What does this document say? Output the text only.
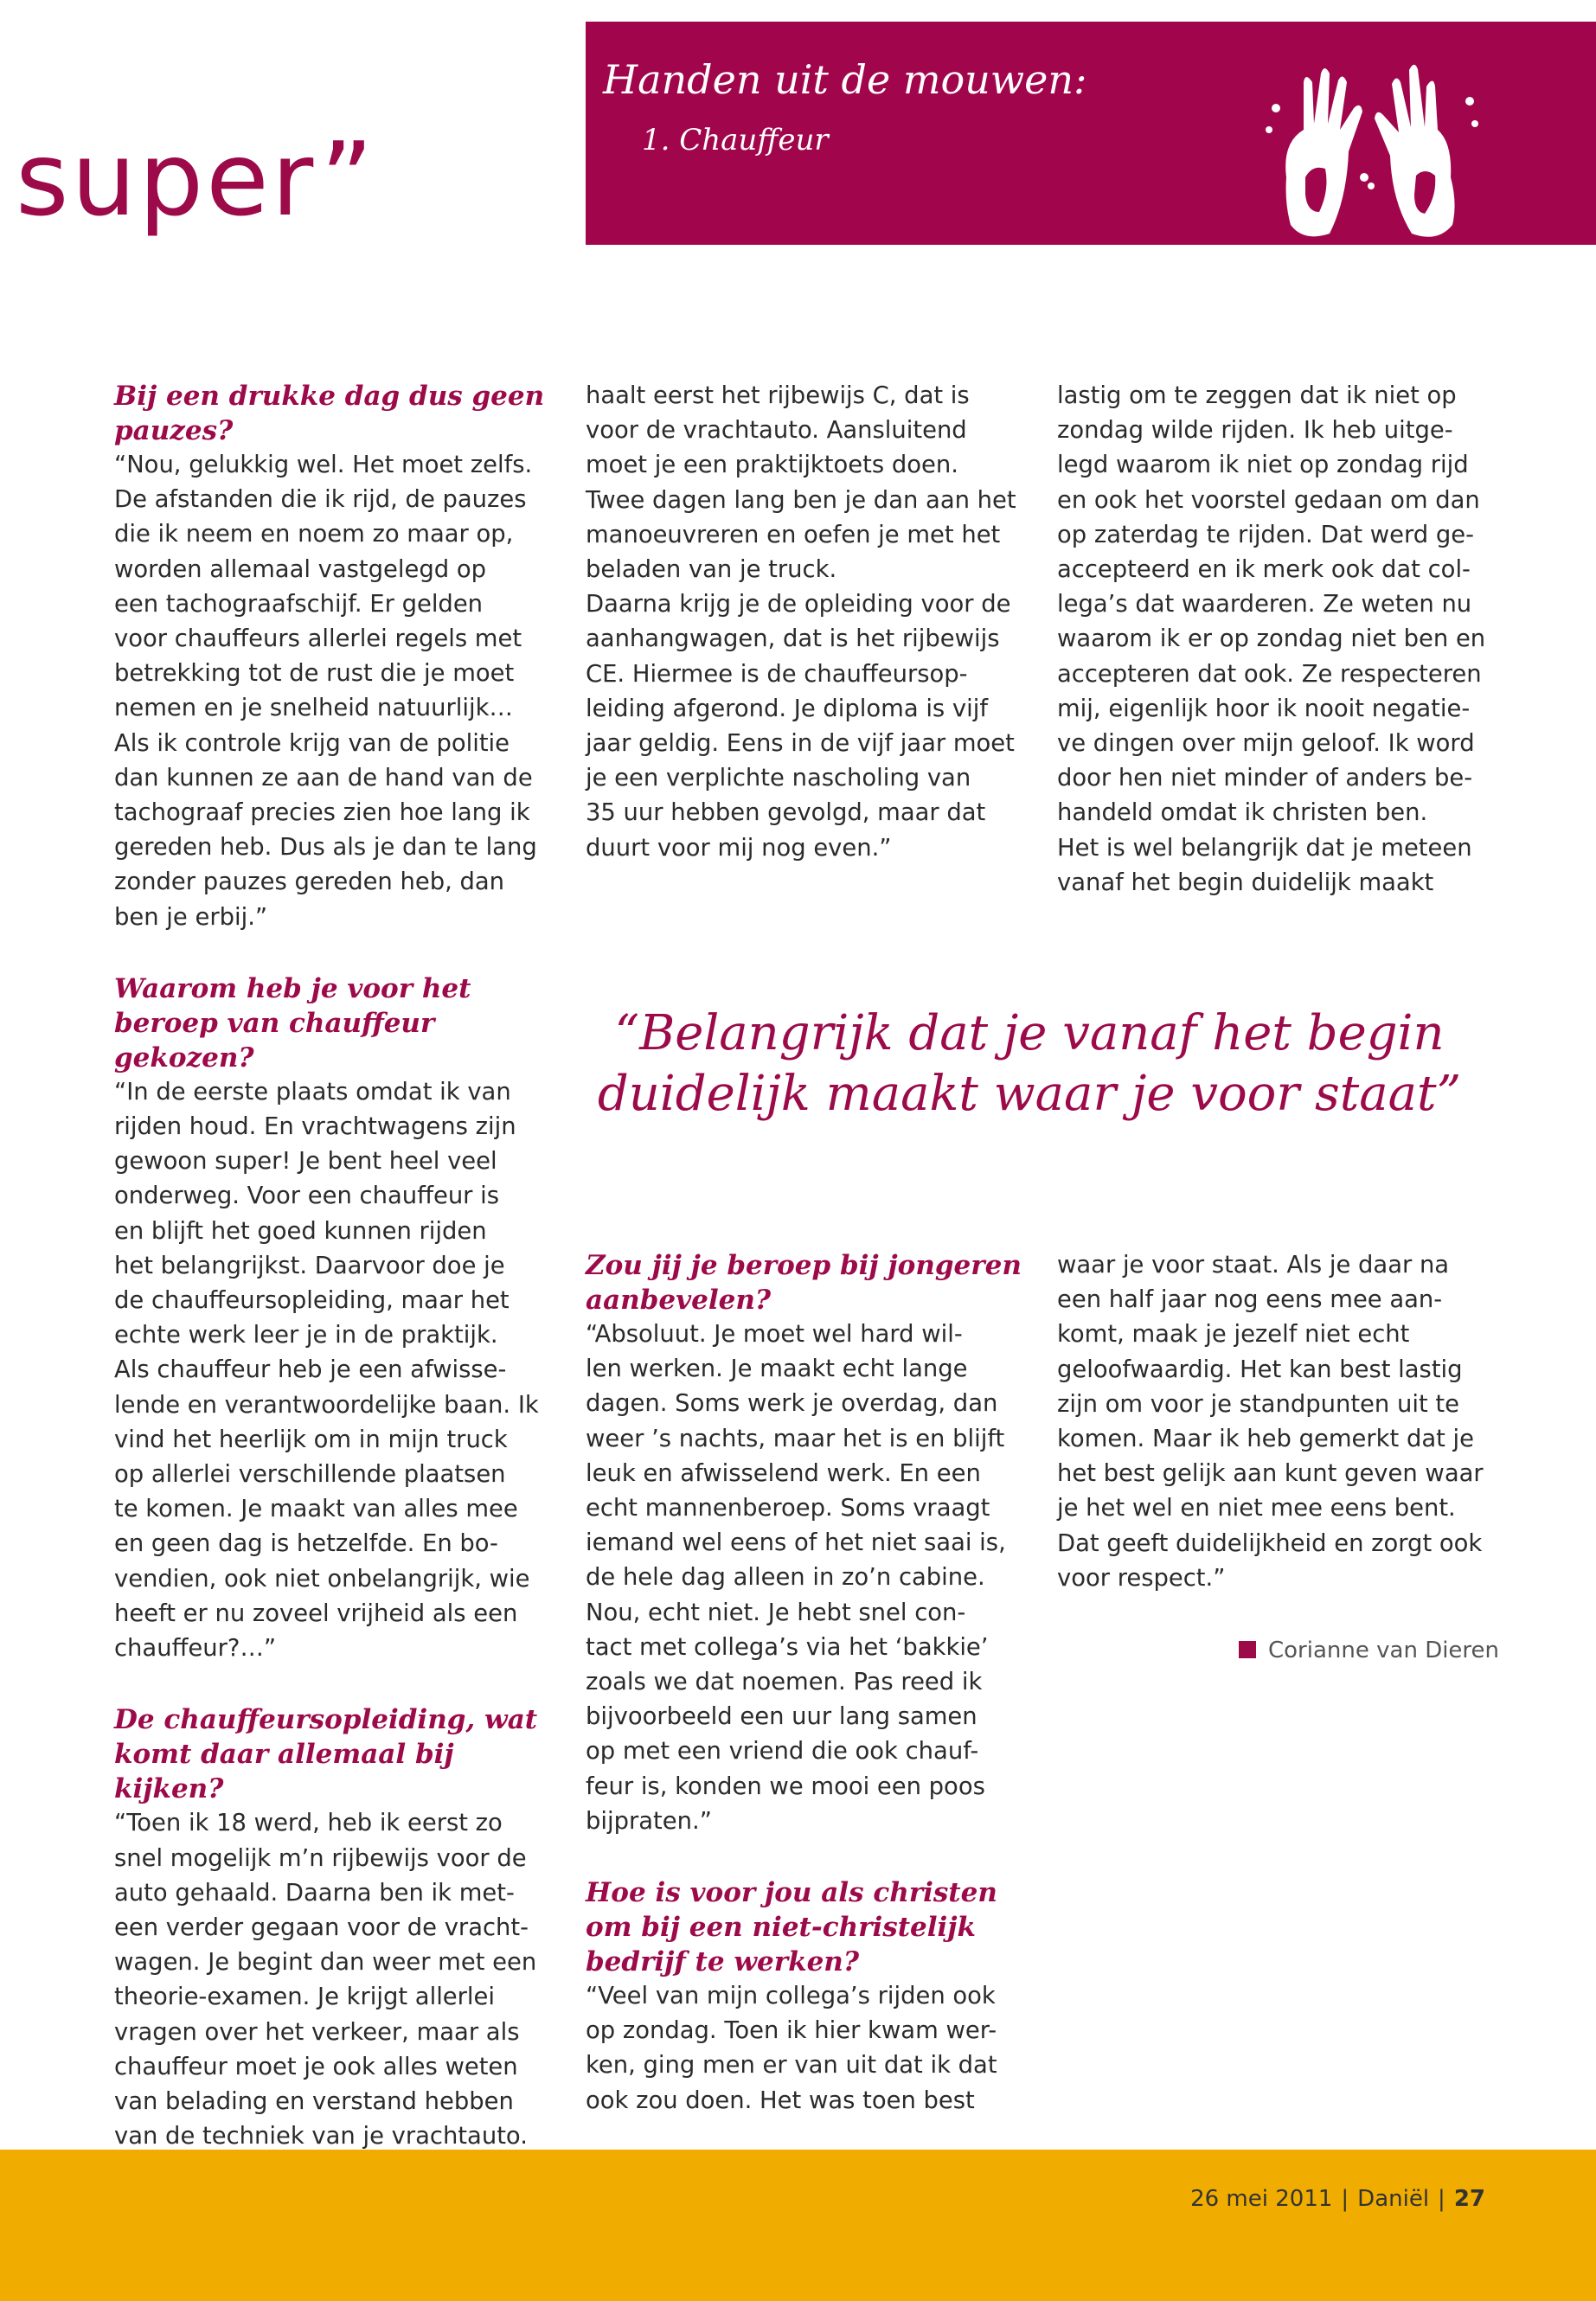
super”
Handen uit de mouwen:
1. Chauffeur
Bij een drukke dag dus geen pauzes?

“Nou, gelukkig wel. Het moet zelfs.

De afstanden die ik rijd, de pauzes

die ik neem en noem zo maar op,

worden allemaal vastgelegd op

een tachograafschijf. Er gelden

voor chauffeurs allerlei regels met

betrekking tot de rust die je moet

nemen en je snelheid natuurlijk…

Als ik controle krijg van de politie

dan kunnen ze aan de hand van de

tachograaf precies zien hoe lang ik

gereden heb. Dus als je dan te lang

zonder pauzes gereden heb, dan

ben je erbij.”

Waarom heb je voor het beroep van chauffeur gekozen?

“In de eerste plaats omdat ik van

rijden houd. En vrachtwagens zijn

gewoon super! Je bent heel veel

onderweg. Voor een chauffeur is

en blijft het goed kunnen rijden

het belangrijkst. Daarvoor doe je

de chauffeursopleiding, maar het

echte werk leer je in de praktijk.

Als chauffeur heb je een afwisse-

lende en verantwoordelijke baan. Ik

vind het heerlijk om in mijn truck

op allerlei verschillende plaatsen

te komen. Je maakt van alles mee

en geen dag is hetzelfde. En bo-

vendien, ook niet onbelangrijk, wie

heeft er nu zoveel vrijheid als een

chauffeur?…”

De chauffeursopleiding, wat komt daar allemaal bij kijken?

“Toen ik 18 werd, heb ik eerst zo

snel mogelijk m’n rijbewijs voor de

auto gehaald. Daarna ben ik met-

een verder gegaan voor de vracht-

wagen. Je begint dan weer met een

theorie-examen. Je krijgt allerlei

vragen over het verkeer, maar als

chauffeur moet je ook alles weten

van belading en verstand hebben

van de techniek van je vrachtauto.

haalt eerst het rijbewijs C, dat is

voor de vrachtauto. Aansluitend

moet je een praktijktoets doen.

Twee dagen lang ben je dan aan het

manoeuvreren en oefen je met het

beladen van je truck.

Daarna krijg je de opleiding voor de

aanhangwagen, dat is het rijbewijs

CE. Hiermee is de chauffeursop-

leiding afgerond. Je diploma is vijf

jaar geldig. Eens in de vijf jaar moet

je een verplichte nascholing van

35 uur hebben gevolgd, maar dat

duurt voor mij nog even.”

lastig om te zeggen dat ik niet op

zondag wilde rijden. Ik heb uitge-

legd waarom ik niet op zondag rijd

en ook het voorstel gedaan om dan

op zaterdag te rijden. Dat werd ge-

accepteerd en ik merk ook dat col-

lega’s dat waarderen. Ze weten nu

waarom ik er op zondag niet ben en

accepteren dat ook. Ze respecteren

mij, eigenlijk hoor ik nooit negatie-

ve dingen over mijn geloof. Ik word

door hen niet minder of anders be-

handeld omdat ik christen ben.

Het is wel belangrijk dat je meteen

vanaf het begin duidelijk maakt

“Belangrijk dat je vanaf het begin
duidelijk maakt waar je voor staat”
Zou jij je beroep bij jongeren aanbevelen?

“Absoluut. Je moet wel hard wil-

len werken. Je maakt echt lange

dagen. Soms werk je overdag, dan

weer ’s nachts, maar het is en blijft

leuk en afwisselend werk. En een

echt mannenberoep. Soms vraagt

iemand wel eens of het niet saai is,

de hele dag alleen in zo’n cabine.

Nou, echt niet. Je hebt snel con-

tact met collega’s via het ‘bakkie’

zoals we dat noemen. Pas reed ik

bijvoorbeeld een uur lang samen

op met een vriend die ook chauf-

feur is, konden we mooi een poos

bijpraten.”

Hoe is voor jou als christen om bij een niet-christelijk bedrijf te werken?

“Veel van mijn collega’s rijden ook

op zondag. Toen ik hier kwam wer-

ken, ging men er van uit dat ik dat

ook zou doen. Het was toen best

waar je voor staat. Als je daar na

een half jaar nog eens mee aan-

komt, maak je jezelf niet echt

geloofwaardig. Het kan best lastig

zijn om voor je standpunten uit te

komen. Maar ik heb gemerkt dat je

het best gelijk aan kunt geven waar

je het wel en niet mee eens bent.

Dat geeft duidelijkheid en zorgt ook

voor respect.”

Corianne van Dieren
26 mei 2011 | Daniël | 27
